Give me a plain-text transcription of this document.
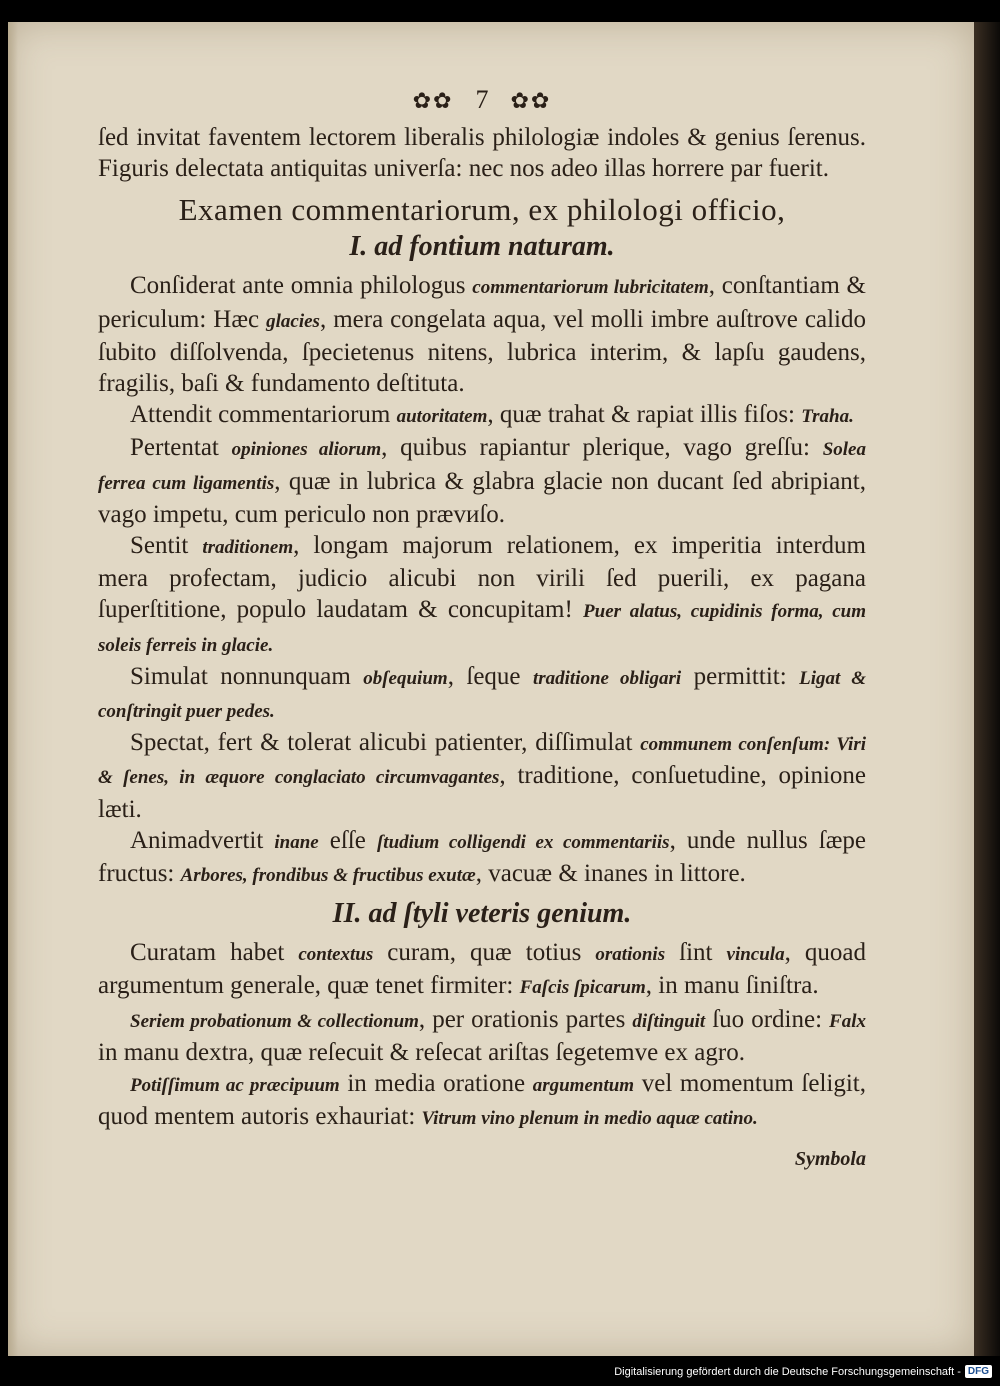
✿✿ 7 ✿✿

ſed invitat faventem lectorem liberalis philologiæ indoles & genius ſerenus. Figuris delectata antiquitas univerſa: nec nos adeo illas horrere par fuerit.

Examen commentariorum, ex philologi officio,
I. ad fontium naturam.

Conſiderat ante omnia philologus commentariorum lubricitatem, conſtantiam & periculum: Hæc glacies, mera congelata aqua, vel molli imbre auſtrove calido ſubito diſſolvenda, ſpecietenus nitens, lubrica interim, & lapſu gaudens, fragilis, baſi & fundamento deſtituta.

Attendit commentariorum autoritatem, quæ trahat & rapiat illis fiſos: Traha.

Pertentat opiniones aliorum, quibus rapiantur plerique, vago greſſu: Solea ferrea cum ligamentis, quæ in lubrica & glabra glacie non ducant ſed abripiant, vago impetu, cum periculo non prævиſo.

Sentit traditionem, longam majorum relationem, ex imperitia interdum mera profectam, judicio alicubi non virili ſed puerili, ex pagana ſuperſtitione, populo laudatam & concupitam! Puer alatus, cupidinis forma, cum soleis ferreis in glacie.

Simulat nonnunquam obſequium, ſeque traditione obligari permittit: Ligat & conſtringit puer pedes.

Spectat, fert & tolerat alicubi patienter, diſſimulat communem conſenſum: Viri & ſenes, in æquore conglaciato circumvagantes, traditione, conſuetudine, opinione læti.

Animadvertit inane eſſe ſtudium colligendi ex commentariis, unde nullus ſæpe fructus: Arbores, frondibus & fructibus exutæ, vacuæ & inanes in littore.

II. ad ſtyli veteris genium.

Curatam habet contextus curam, quæ totius orationis ſint vincula, quoad argumentum generale, quæ tenet firmiter: Faſcis ſpicarum, in manu ſiniſtra.

Seriem probationum & collectionum, per orationis partes diſtinguit ſuo ordine: Falx in manu dextra, quæ reſecuit & reſecat ariſtas ſegetemve ex agro.

Potiſſimum ac præcipuum in media oratione argumentum vel momentum ſeligit, quod mentem autoris exhauriat: Vitrum vino plenum in medio aquæ catino.

Symbola
Digitalisierung gefördert durch die Deutsche Forschungsgemeinschaft - DFG
